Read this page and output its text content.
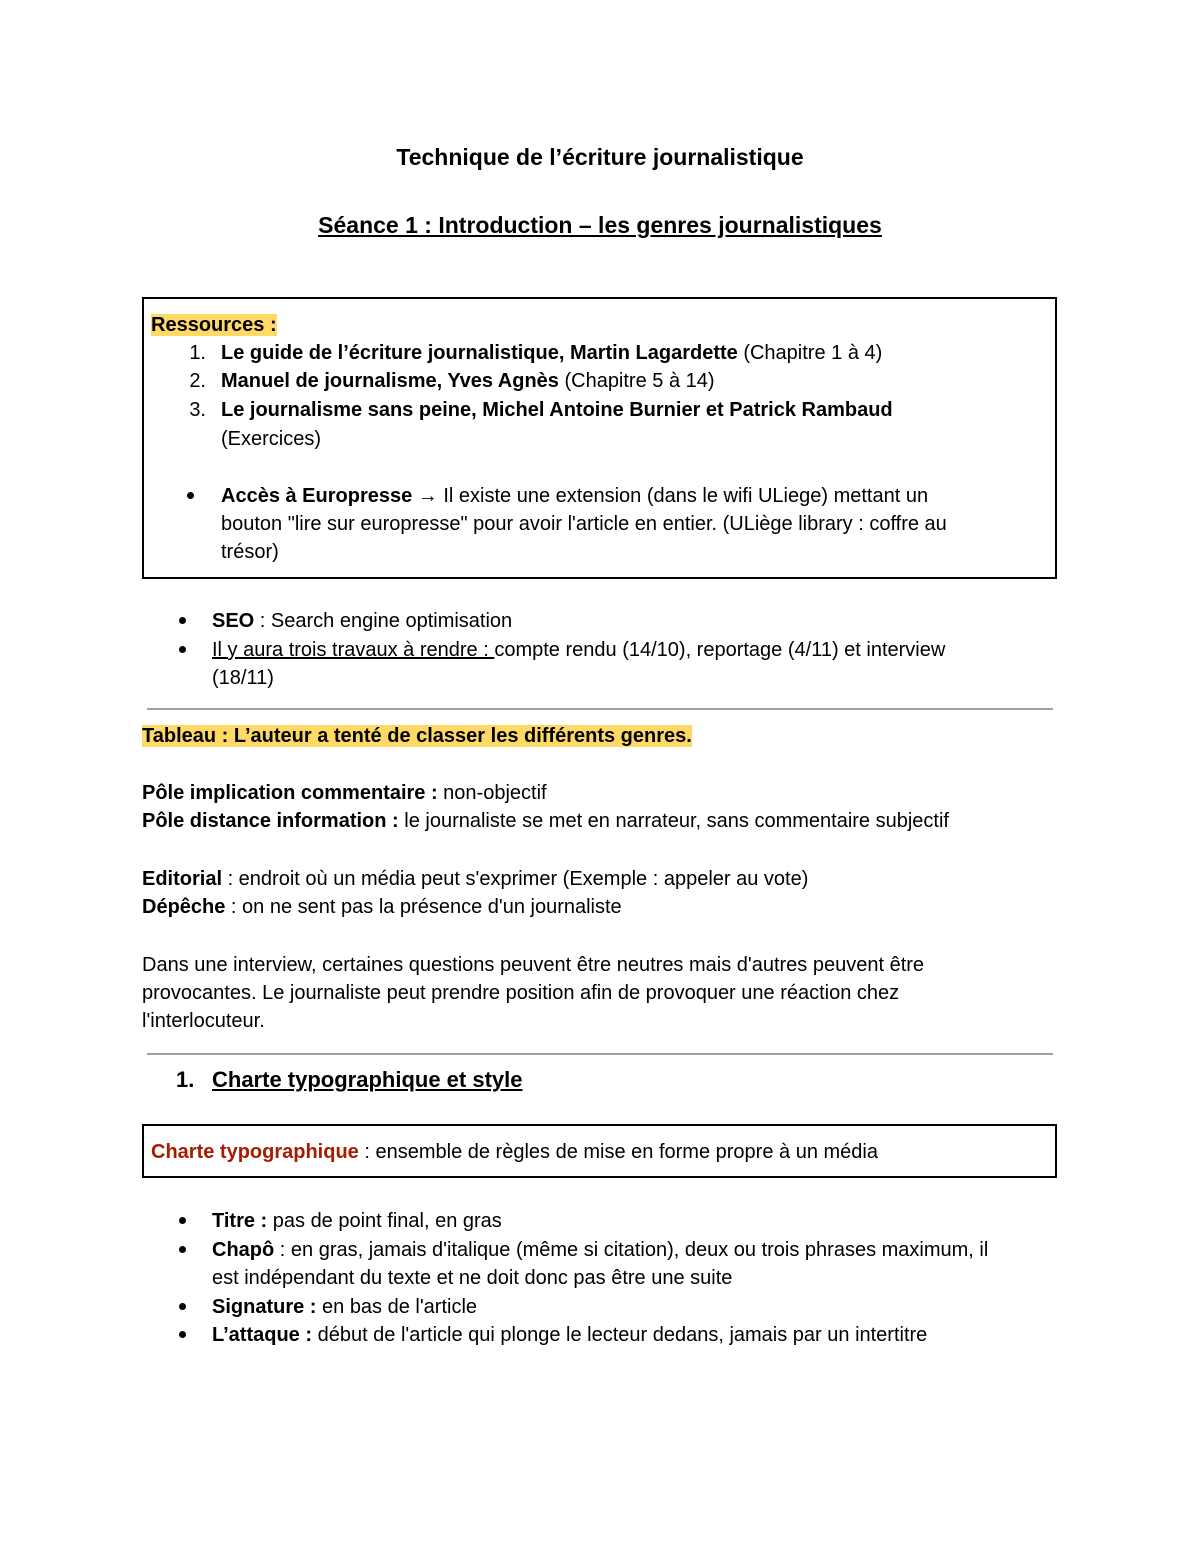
Technique de l’écriture journalistique
Séance 1 : Introduction – les genres journalistiques
Ressources :
1. Le guide de l’écriture journalistique, Martin Lagardette (Chapitre 1 à 4)
2. Manuel de journalisme, Yves Agnès (Chapitre 5 à 14)
3. Le journalisme sans peine, Michel Antoine Burnier et Patrick Rambaud
(Exercices)
Accès à Europresse → Il existe une extension (dans le wifi ULiege) mettant un
bouton "lire sur europresse" pour avoir l'article en entier. (ULiège library : coffre au
trésor)
SEO : Search engine optimisation
Il y aura trois travaux à rendre : compte rendu (14/10), reportage (4/11) et interview
(18/11)
Tableau : L’auteur a tenté de classer les différents genres.
Pôle implication commentaire : non-objectif
Pôle distance information : le journaliste se met en narrateur, sans commentaire subjectif
Editorial : endroit où un média peut s'exprimer (Exemple : appeler au vote)
Dépêche : on ne sent pas la présence d'un journaliste
Dans une interview, certaines questions peuvent être neutres mais d'autres peuvent être
provocantes. Le journaliste peut prendre position afin de provoquer une réaction chez
l'interlocuteur.
1. Charte typographique et style
Charte typographique : ensemble de règles de mise en forme propre à un média
Titre : pas de point final, en gras
Chapô : en gras, jamais d'italique (même si citation), deux ou trois phrases maximum, il
est indépendant du texte et ne doit donc pas être une suite
Signature : en bas de l'article
L’attaque : début de l'article qui plonge le lecteur dedans, jamais par un intertitre
